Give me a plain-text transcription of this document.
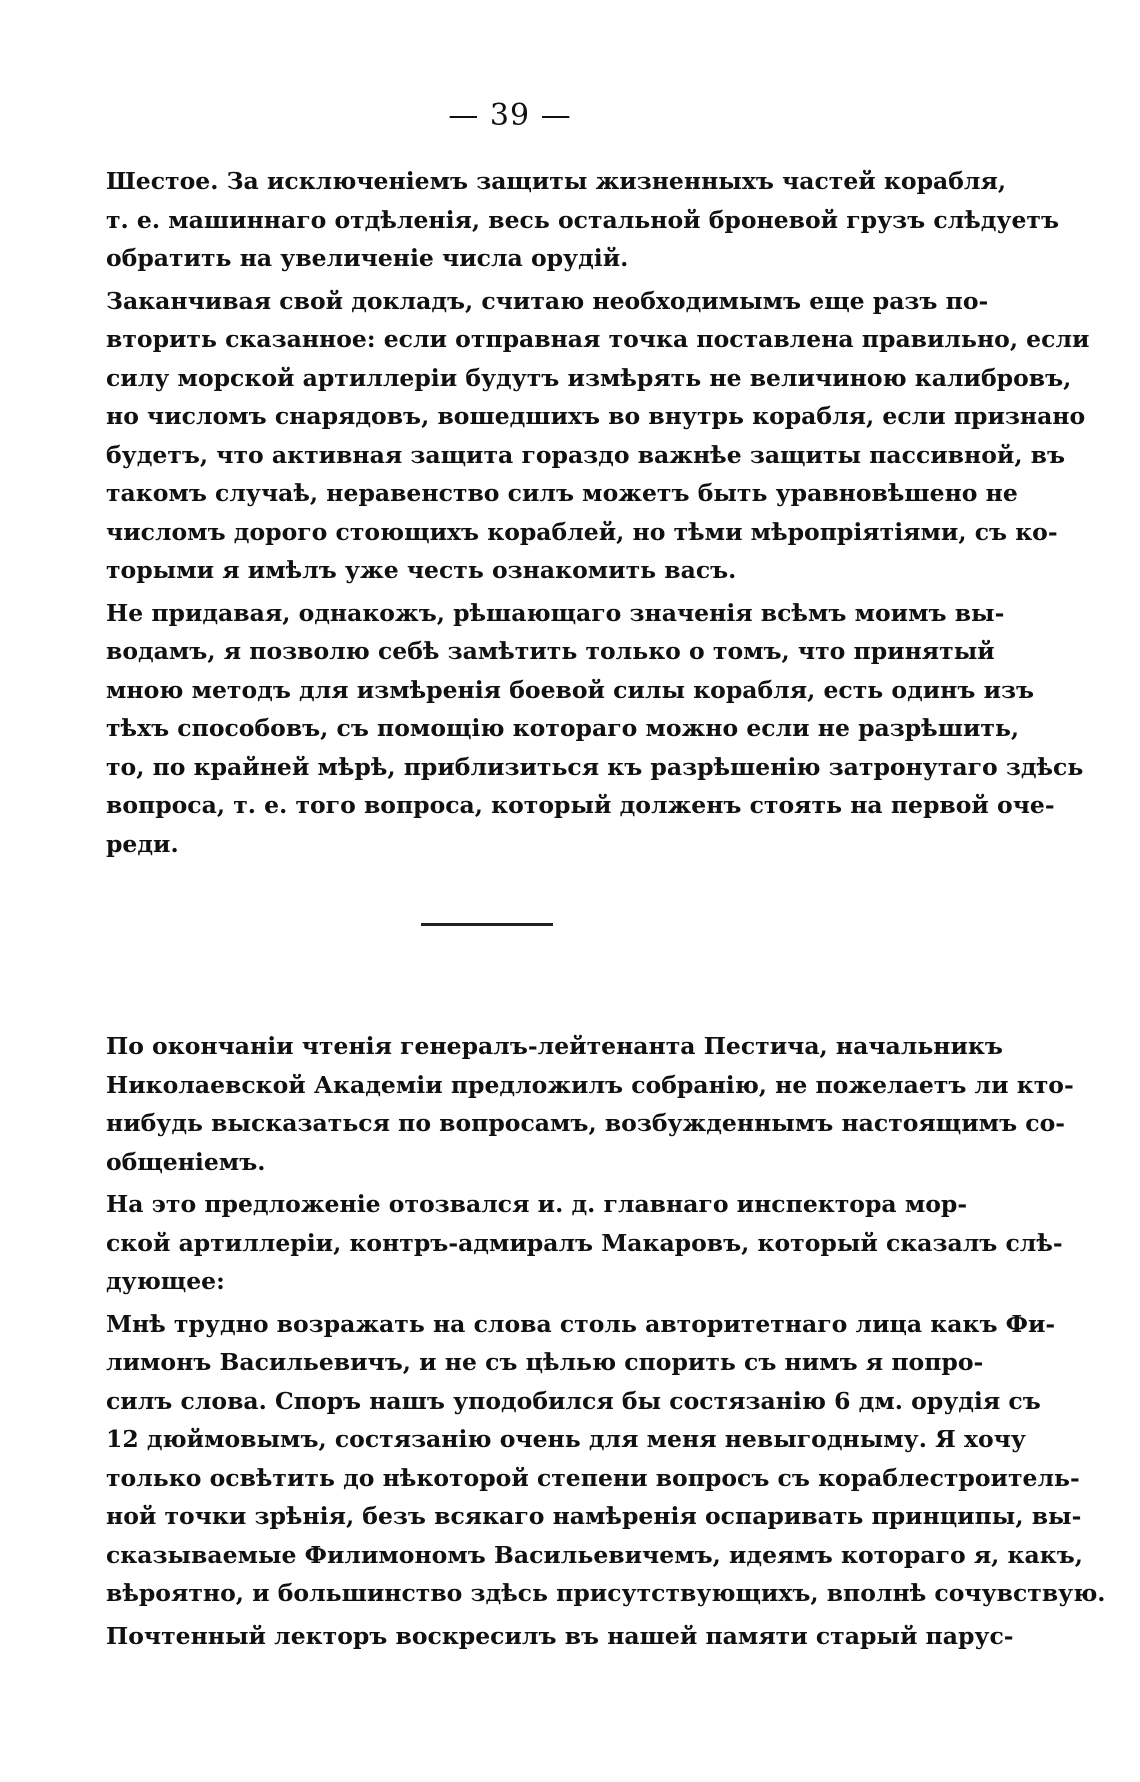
— 39 —
Шестое. За исключеніемъ защиты жизненныхъ частей корабля,
т. е. машиннаго отдѣленія, весь остальной броневой грузъ слѣдуетъ
обратить на увеличеніе числа орудій.
Заканчивая свой докладъ, считаю необходимымъ еще разъ по-
вторить сказанное: если отправная точка поставлена правильно, если
силу морской артиллеріи будутъ измѣрять не величиною калибровъ,
но числомъ снарядовъ, вошедшихъ во внутрь корабля, если признано
будетъ, что активная защита гораздо важнѣе защиты пассивной, въ
такомъ случаѣ, неравенство силъ можетъ быть уравновѣшено не
числомъ дорого стоющихъ кораблей, но тѣми мѣропріятіями, съ ко-
торыми я имѣлъ уже честь ознакомить васъ.
Не придавая, однакожъ, рѣшающаго значенія всѣмъ моимъ вы-
водамъ, я позволю себѣ замѣтить только о томъ, что принятый
мною методъ для измѣренія боевой силы корабля, есть одинъ изъ
тѣхъ способовъ, съ помощію котораго можно если не разрѣшить,
то, по крайней мѣрѣ, приблизиться къ разрѣшенію затронутаго здѣсь
вопроса, т. е. того вопроса, который долженъ стоять на первой оче-
реди.
По окончаніи чтенія генералъ-лейтенанта Пестича, начальникъ
Николаевской Академіи предложилъ собранію, не пожелаетъ ли кто-
нибудь высказаться по вопросамъ, возбужденнымъ настоящимъ со-
общеніемъ.
На это предложеніе отозвался и. д. главнаго инспектора мор-
ской артиллеріи, контръ-адмиралъ Макаровъ, который сказалъ слѣ-
дующее:
Мнѣ трудно возражать на слова столь авторитетнаго лица какъ Фи-
лимонъ Васильевичъ, и не съ цѣлью спорить съ нимъ я попро-
силъ слова. Споръ нашъ уподобился бы состязанію 6 дм. орудія съ
12 дюймовымъ, состязанію очень для меня невыгодныму. Я хочу
только освѣтить до нѣкоторой степени вопросъ съ кораблестроитель-
ной точки зрѣнія, безъ всякаго намѣренія оспаривать принципы, вы-
сказываемые Филимономъ Васильевичемъ, идеямъ котораго я, какъ,
вѣроятно, и большинство здѣсь присутствующихъ, вполнѣ сочувствую.
Почтенный лекторъ воскресилъ въ нашей памяти старый парус-
